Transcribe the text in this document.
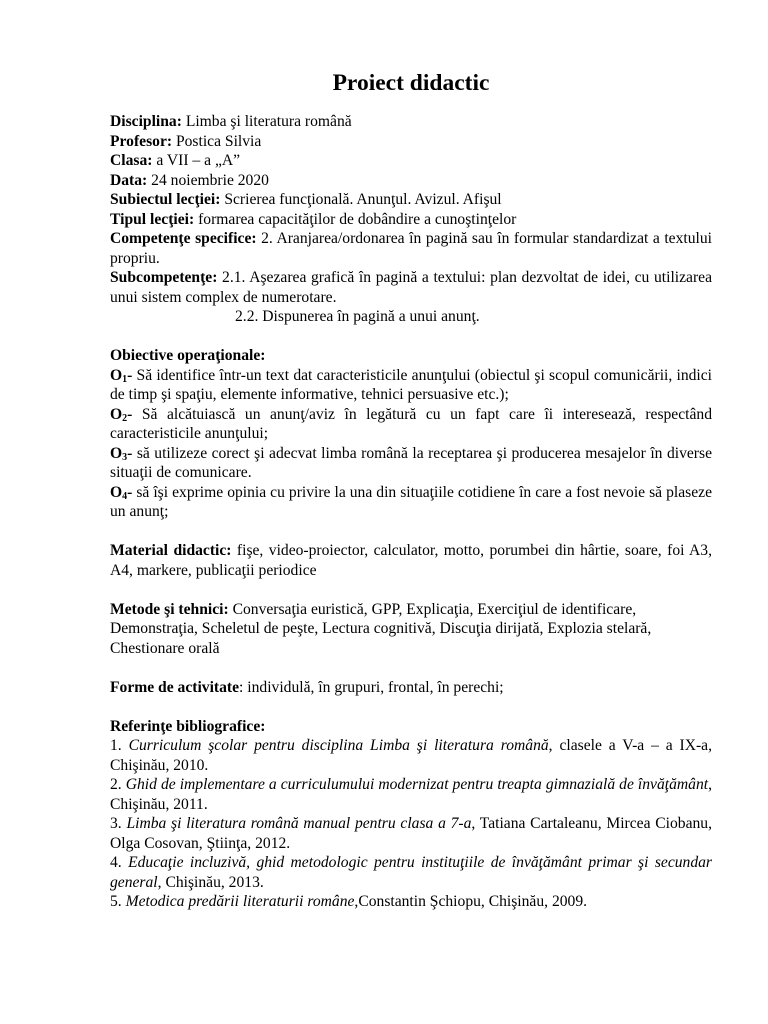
Proiect didactic

Disciplina: Limba şi literatura română

Profesor: Postica Silvia

Clasa: a VII – a „A”

Data: 24 noiembrie 2020

Subiectul lecţiei: Scrierea funcţională. Anunţul. Avizul. Afişul

Tipul lecţiei: formarea capacităţilor de dobândire a cunoştinţelor

Competenţe specifice: 2. Aranjarea/ordonarea în pagină sau în formular standardizat a textului propriu.

Subcompetenţe: 2.1. Aşezarea grafică în pagină a textului: plan dezvoltat de idei, cu utilizarea unui sistem complex de numerotare.

2.2. Dispunerea în pagină a unui anunţ.

Obiective operaţionale:

$O_1-$ Să identifice într-un text dat caracteristicile anunţului (obiectul şi scopul comunicării, indici de timp şi spaţiu, elemente informative, tehnici persuasive etc.);

$O_2-$ Să alcătuiască un anunţ/aviz în legătură cu un fapt care îi interesează, respectând caracteristicile anunţului;

$O_3-$ să utilizeze corect şi adecvat limba română la receptarea şi producerea mesajelor în diverse situaţii de comunicare.

$O_4-$ să îşi exprime opinia cu privire la una din situaţiile cotidiene în care a fost nevoie să plaseze un anunţ;

Material didactic: fişe, video-proiector, calculator, motto, porumbei din hârtie, soare, foi A3, A4, markere, publicaţii periodice

Metode şi tehnici: Conversaţia euristică, GPP, Explicaţia, Exerciţiul de identificare, Demonstraţia, Scheletul de peşte, Lectura cognitivă, Discuţia dirijată, Explozia stelară, Chestionare orală

Forme de activitate: individulă, în grupuri, frontal, în perechi;

Referinţe bibliografice:

1. Curriculum şcolar pentru disciplina Limba şi literatura română, clasele a V-a – a IX-a, Chişinău, 2010.

2. Ghid de implementare a curriculumului modernizat pentru treapta gimnazială de învăţământ, Chişinău, 2011.

3. Limba şi literatura română manual pentru clasa a 7-a, Tatiana Cartaleanu, Mircea Ciobanu, Olga Cosovan, Ştiinţa, 2012.

4. Educaţie incluzivă, ghid metodologic pentru instituţiile de învăţământ primar şi secundar general, Chişinău, 2013.

5. Metodica predării literaturii române,Constantin Şchiopu, Chişinău, 2009.
